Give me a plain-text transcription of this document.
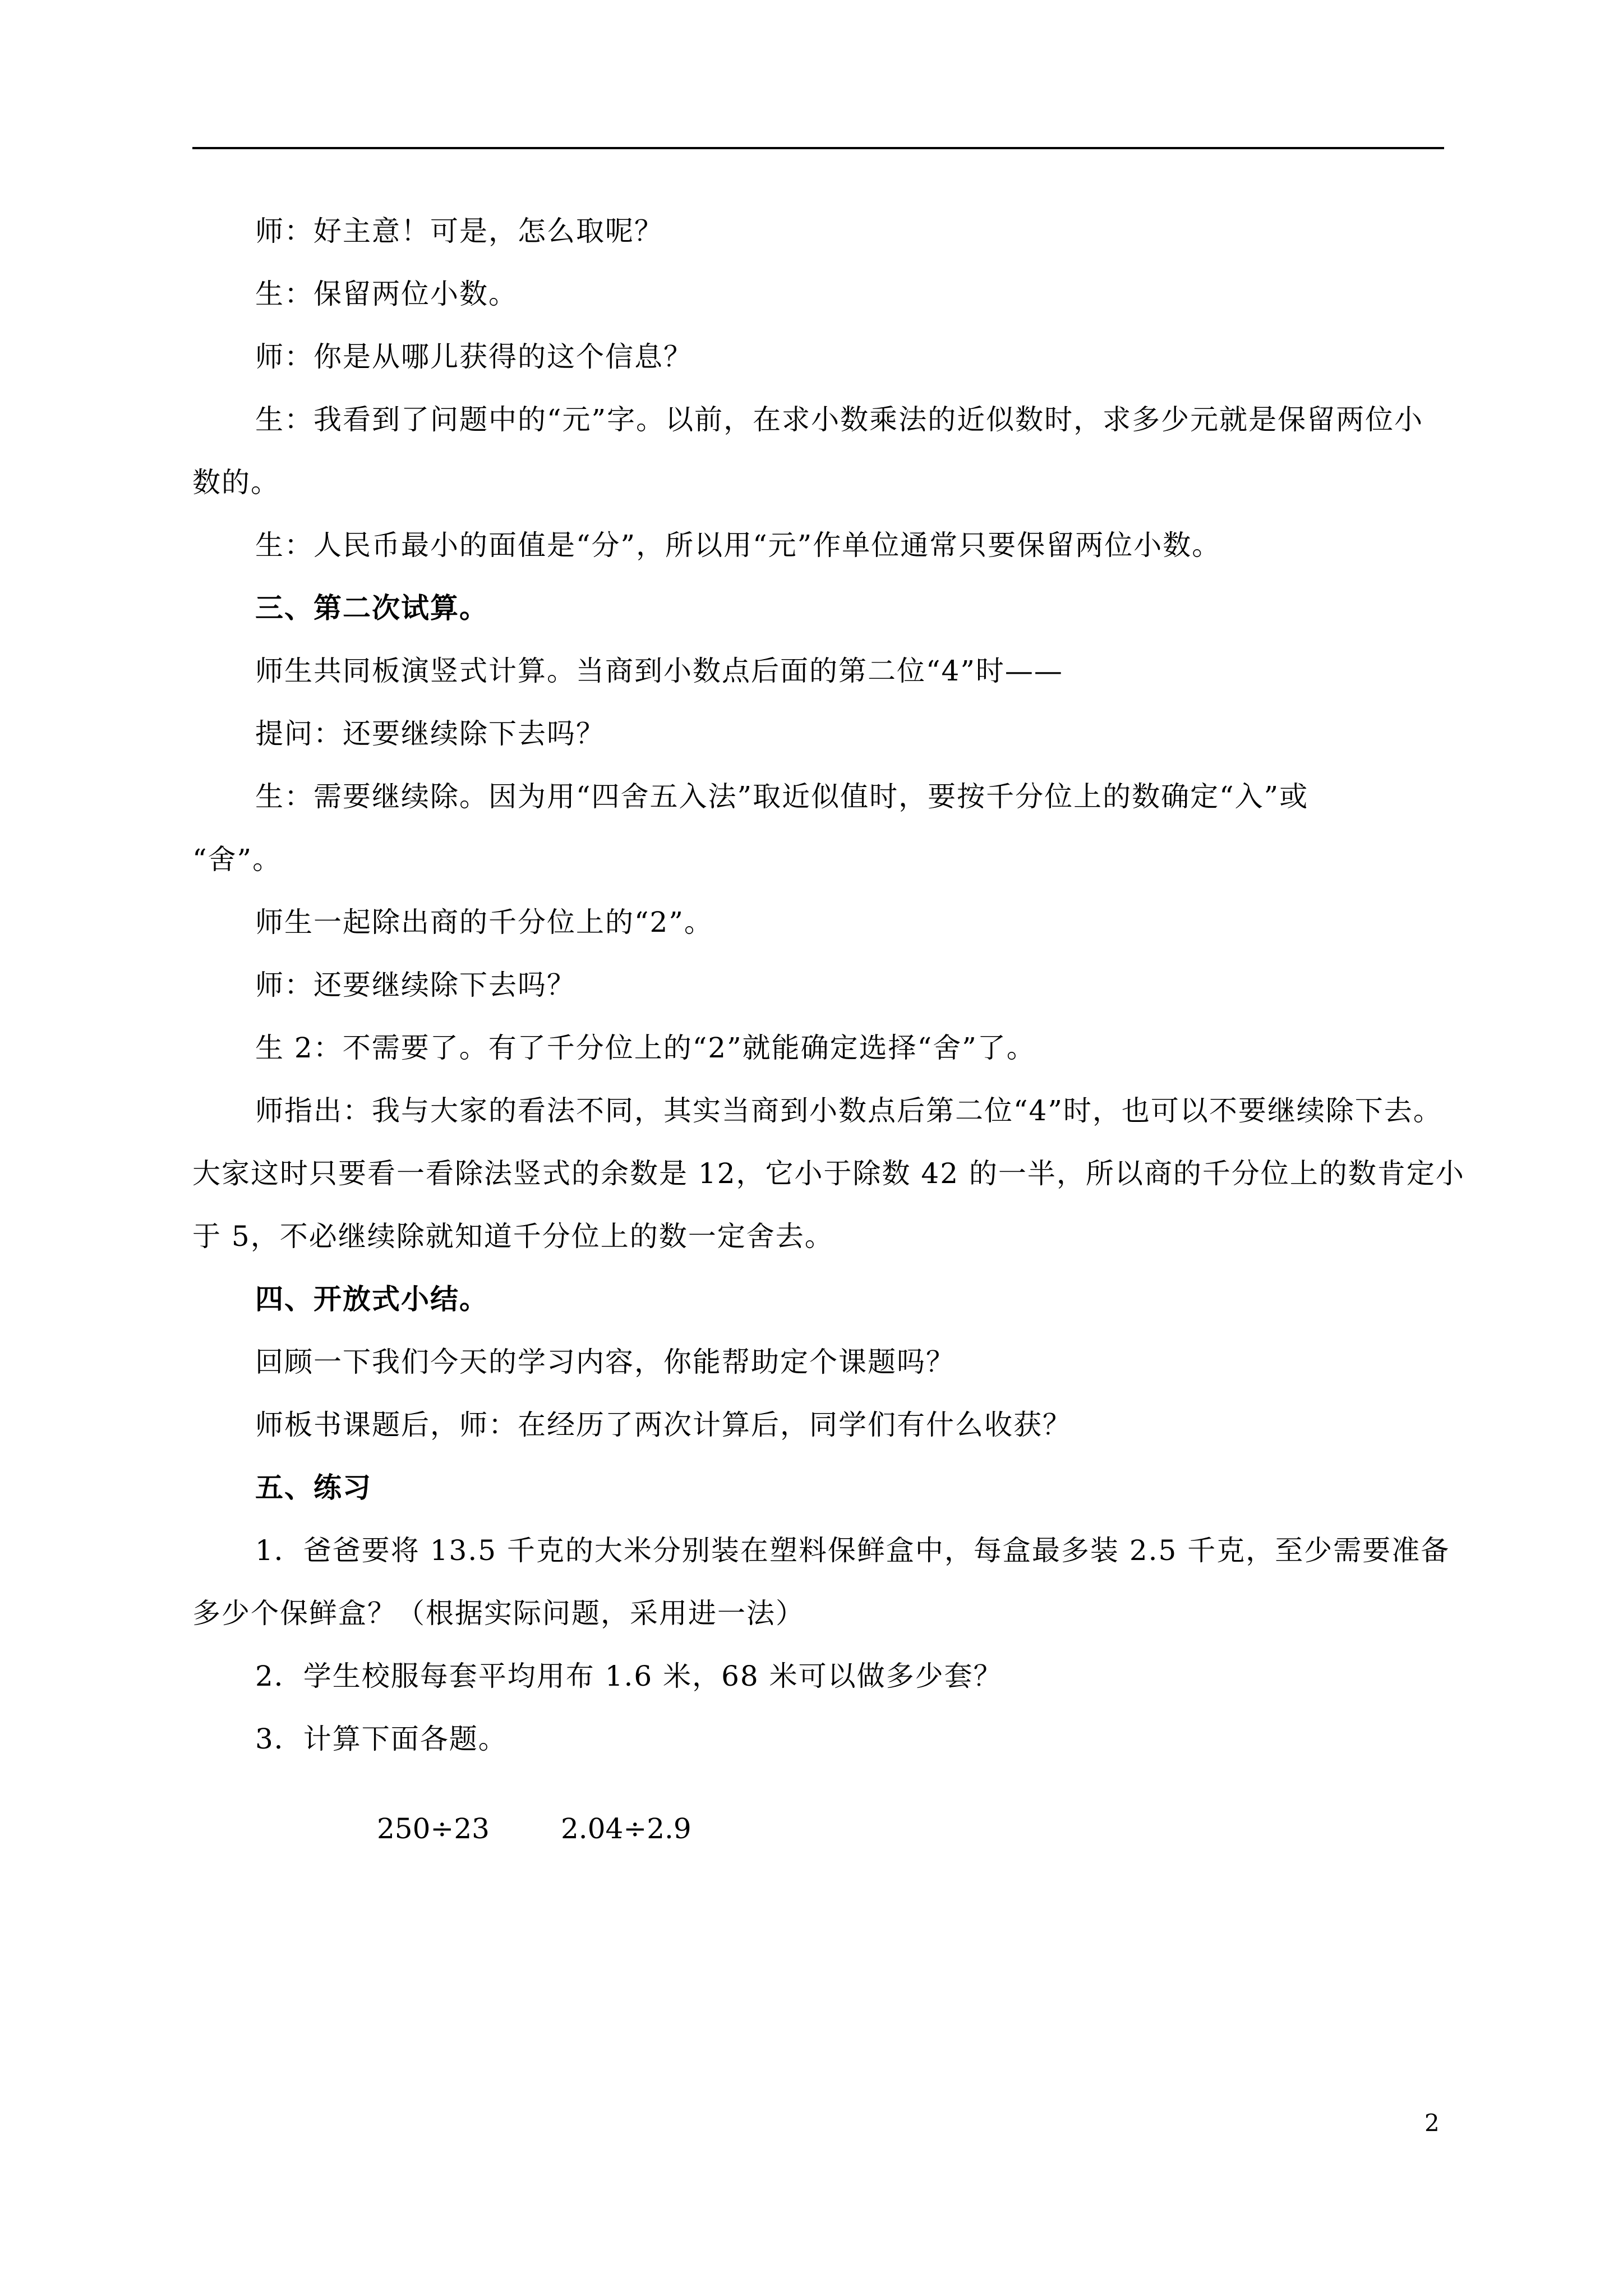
师：好主意！可是，怎么取呢？
生：保留两位小数。
师：你是从哪儿获得的这个信息？
生：我看到了问题中的“元”字。以前，在求小数乘法的近似数时，求多少元就是保留两位小
数的。
生：人民币最小的面值是“分”，所以用“元”作单位通常只要保留两位小数。
三、第二次试算。
师生共同板演竖式计算。当商到小数点后面的第二位“4”时——
提问：还要继续除下去吗？
生：需要继续除。因为用“四舍五入法”取近似值时，要按千分位上的数确定“入”或
“舍”。
师生一起除出商的千分位上的“2”。
师：还要继续除下去吗？
生 2：不需要了。有了千分位上的“2”就能确定选择“舍”了。
师指出：我与大家的看法不同，其实当商到小数点后第二位“4”时，也可以不要继续除下去。
大家这时只要看一看除法竖式的余数是 12，它小于除数 42 的一半，所以商的千分位上的数肯定小
于 5，不必继续除就知道千分位上的数一定舍去。
四、开放式小结。
回顾一下我们今天的学习内容，你能帮助定个课题吗？
师板书课题后，师：在经历了两次计算后，同学们有什么收获？
五、练习
1．爸爸要将 13.5 千克的大米分别装在塑料保鲜盒中，每盒最多装 2.5 千克，至少需要准备
多少个保鲜盒？（根据实际问题，采用进一法）
2．学生校服每套平均用布 1.6 米，68 米可以做多少套？
3．计算下面各题。
250÷23	2.04÷2.9
2
